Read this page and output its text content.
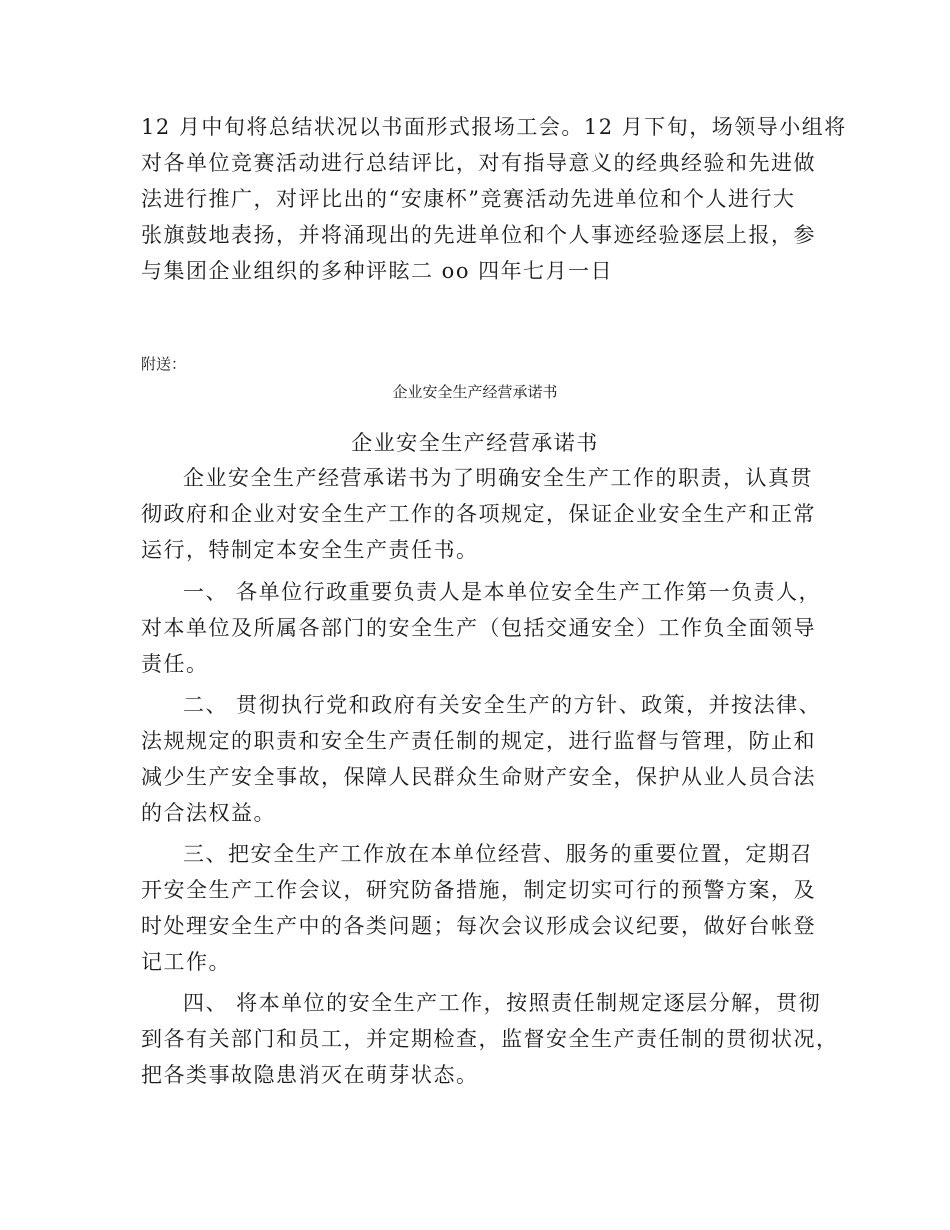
12 月中旬将总结状况以书面形式报场工会。12 月下旬，场领导小组将
对各单位竞赛活动进行总结评比，对有指导意义的经典经验和先进做
法进行推广，对评比出的“安康杯”竞赛活动先进单位和个人进行大
张旗鼓地表扬，并将涌现出的先进单位和个人事迹经验逐层上报，参
与集团企业组织的多种评眩二 oo 四年七月一日
附送：
企业安全生产经营承诺书
企业安全生产经营承诺书
企业安全生产经营承诺书为了明确安全生产工作的职责，认真贯
彻政府和企业对安全生产工作的各项规定，保证企业安全生产和正常
运行，特制定本安全生产责任书。
一、 各单位行政重要负责人是本单位安全生产工作第一负责人，
对本单位及所属各部门的安全生产（包括交通安全）工作负全面领导
责任。
二、 贯彻执行党和政府有关安全生产的方针、政策，并按法律、
法规规定的职责和安全生产责任制的规定，进行监督与管理，防止和
减少生产安全事故，保障人民群众生命财产安全，保护从业人员合法
的合法权益。
三、把安全生产工作放在本单位经营、服务的重要位置，定期召
开安全生产工作会议，研究防备措施，制定切实可行的预警方案，及
时处理安全生产中的各类问题；每次会议形成会议纪要，做好台帐登
记工作。
四、 将本单位的安全生产工作，按照责任制规定逐层分解，贯彻
到各有关部门和员工，并定期检查，监督安全生产责任制的贯彻状况，
把各类事故隐患消灭在萌芽状态。
